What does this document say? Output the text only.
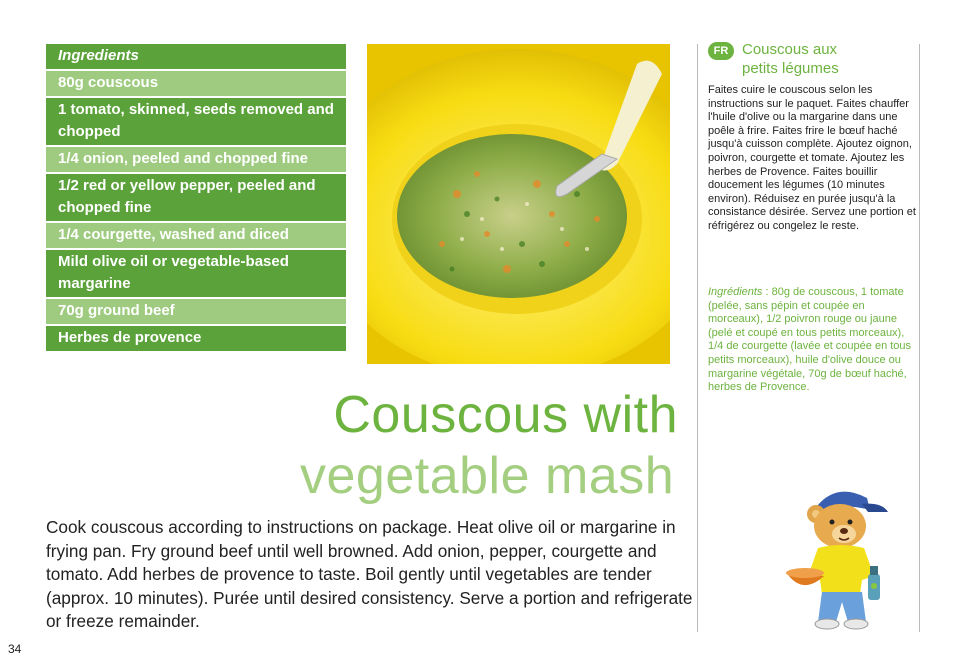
Ingredients
80g couscous
1 tomato, skinned, seeds removed and chopped
1/4 onion, peeled and chopped fine
1/2 red or yellow pepper, peeled and chopped fine
1/4 courgette, washed and diced
Mild olive oil or vegetable-based margarine
70g ground beef
Herbes de provence
Couscous with
vegetable mash
Cook couscous according to instructions on package. Heat olive oil or margarine in frying pan. Fry ground beef until well browned. Add onion, pepper, courgette and tomato. Add herbes de provence to taste. Boil gently until vegetables are tender (approx. 10 minutes). Purée until desired consistency. Serve a portion and refrigerate or freeze remainder.
34
FR Couscous aux

petits légumes
Faites cuire le couscous selon les instructions sur le paquet. Faites chauffer l'huile d'olive ou la margarine dans une poêle à frire. Faites frire le bœuf haché jusqu'à cuisson complète. Ajoutez oignon, poivron, courgette et tomate. Ajoutez les herbes de Provence. Faites bouillir doucement les légumes (10 minutes environ). Réduisez en purée jusqu'à la consistance désirée. Servez une portion et réfrigérez ou congelez le reste.
Ingrédients : 80g de couscous, 1 tomate (pelée, sans pépin et coupée en morceaux), 1/2 poivron rouge ou jaune (pelé et coupé en tous petits morceaux), 1/4 de courgette (lavée et coupée en tous petits morceaux), huile d'olive douce ou margarine végétale, 70g de bœuf haché, herbes de Provence.
